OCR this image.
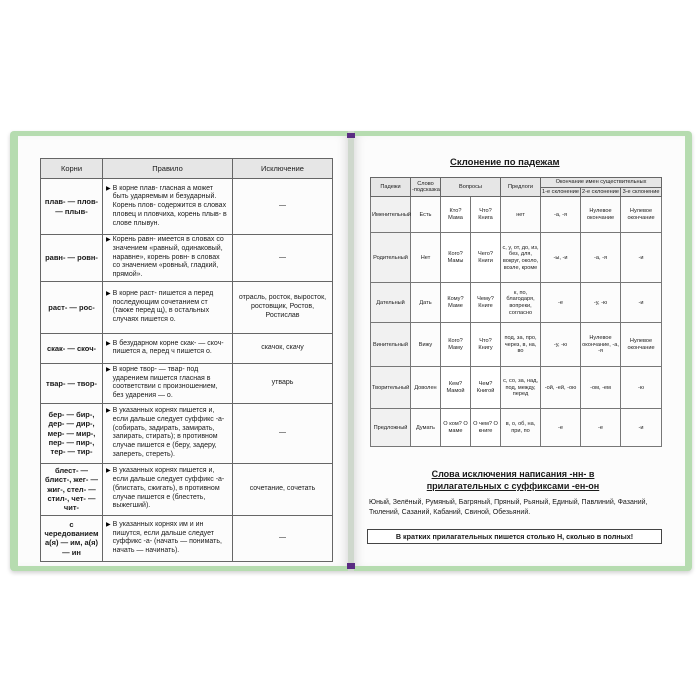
Корни	Правило	Исключение
плав- — плов- — плыв-	▶ В корне плав- гласная а может быть ударяемым и безударный. Корень плов- содержится в словах пловец и пловчиха, корень плыв- в слове плывун.	—
равн- — ровн-	▶ Корень равн- имеется в словах со значением «равный, одинаковый, наравне», корень ровн- в словах со значением «ровный, гладкий, прямой».	—
раст- — рос-	▶ В корне раст- пишется а перед последующим сочетанием ст (также перед щ), в остальных случаях пишется о.	отрасль, росток, выросток, ростовщик, Ростов, Ростислав
скак- — скоч-	▶ В безударном корне скак- — скоч- пишется а, перед ч пишется о.	скачок, скачу
твар- — твор-	▶ В корне твор- — твар- под ударением пишется гласная в соответствии с произношением, без ударения — о.	утварь
бер- — бир-, дер- — дир-, мер- — мир-, пер- — пир-, тер- — тир-	▶ В указанных корнях пишется и, если дальше следует суффикс -а- (собирать, задирать, замирать, запирать, стирать); в противном случае пишется е (беру, задеру, запереть, стереть).	—
блест- — блист-, жег- — жиг-, стел- — стил-, чет- — чит-	▶ В указанных корнях пишется и, если дальше следует суффикс -а- (блистать, сжигать), в противном случае пишется е (блестеть, выжегший).	сочетание, сочетать
с чередованием а(я) — им, а(я) — ин	▶ В указанных корнях им и ин пишутся, если дальше следует суффикс -а- (начать — понимать, начать — начинать).	—
Склонение по падежам
Падежи	Слово -подсказка	Вопросы		Предлоги	Окончание имен существительных		
					1-е склонение	2-е склонение	3-е склонение
Именительный	Есть	Кто? Мама	Что? Книга	нет	-а, -я	Нулевое окончание	Нулевое окончание
Родительный	Нет	Кого? Мамы	Чего? Книги	с, у, от, до, из, без, для, вокруг, около, возле, кроме	-ы, -и	-а, -я	-и
Дательный	Дать	Кому? Маме	Чему? Книге	к, по, благодаря, вопреки, согласно	-е	-у, -ю	-и
Винительный	Вижу	Кого? Маму	Что? Книгу	под, за, про, через, в, на, во	-у, -ю	Нулевое окончание, -а, -я	Нулевое окончание
Творительный	Доволен	Кем? Мамой	Чем? Книгой	с, со, за, над, под, между, перед	-ой, -ей, -ою	-ом, -ем	-ю
Предложный	Думать	О ком? О маме	О чем? О книге	в, о, об, на, при, по	-е	-е	-и
Слова исключения написания -нн- в прилагательных с суффиксами -ен-он
Юный, Зелёный, Румяный, Багряный, Пряный, Рьяный, Единый, Павлиний, Фазаний, Тюлений, Сазаний, Кабаний, Свиной, Обезьяний.
В кратких прилагательных пишется столько Н, сколько в полных!
